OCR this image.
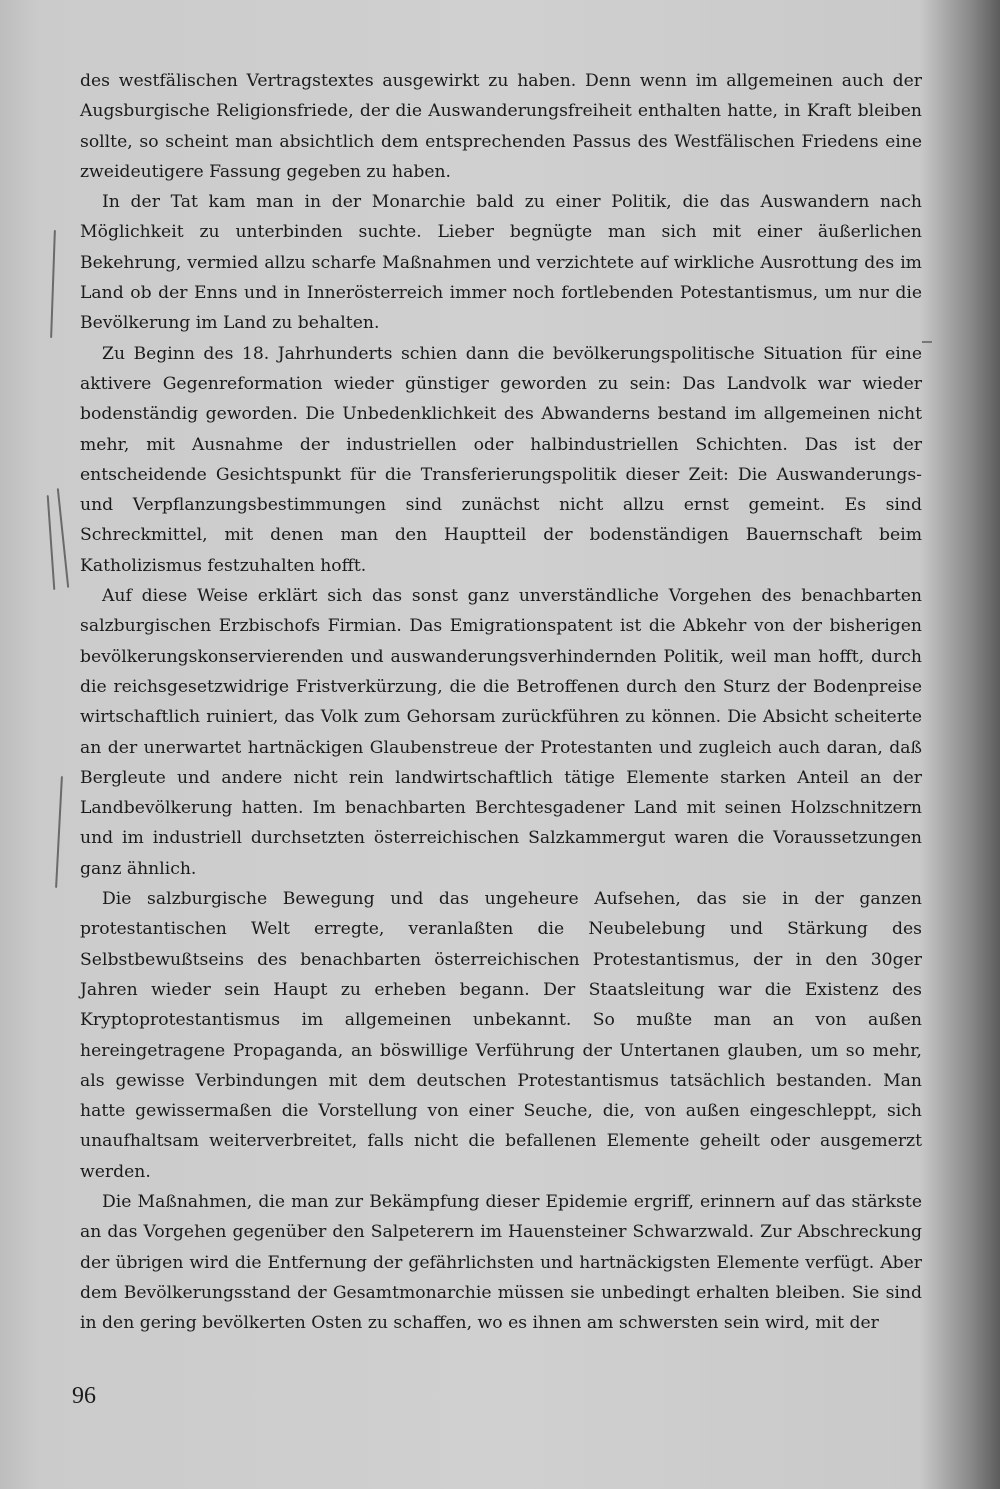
des westfälischen Vertragstextes ausgewirkt zu haben. Denn wenn im allgemeinen auch der Augsburgische Religionsfriede, der die Auswanderungsfreiheit enthalten hatte, in Kraft bleiben sollte, so scheint man absichtlich dem entsprechenden Passus des Westfälischen Friedens eine zweideutigere Fassung gegeben zu haben.

In der Tat kam man in der Monarchie bald zu einer Politik, die das Auswandern nach Möglichkeit zu unterbinden suchte. Lieber begnügte man sich mit einer äußerlichen Bekehrung, vermied allzu scharfe Maßnahmen und verzichtete auf wirkliche Ausrottung des im Land ob der Enns und in Innerösterreich immer noch fortlebenden Potestantismus, um nur die Bevölkerung im Land zu behalten.

Zu Beginn des 18. Jahrhunderts schien dann die bevölkerungspolitische Situation für eine aktivere Gegenreformation wieder günstiger geworden zu sein: Das Landvolk war wieder bodenständig geworden. Die Unbedenklichkeit des Abwanderns bestand im allgemeinen nicht mehr, mit Ausnahme der industriellen oder halbindustriellen Schichten. Das ist der entscheidende Gesichtspunkt für die Transferierungspolitik dieser Zeit: Die Auswanderungs- und Verpflanzungsbestimmungen sind zunächst nicht allzu ernst gemeint. Es sind Schreckmittel, mit denen man den Hauptteil der bodenständigen Bauernschaft beim Katholizismus festzuhalten hofft.

Auf diese Weise erklärt sich das sonst ganz unverständliche Vorgehen des benachbarten salzburgischen Erzbischofs Firmian. Das Emigrationspatent ist die Abkehr von der bisherigen bevölkerungskonservierenden und auswanderungsverhindernden Politik, weil man hofft, durch die reichsgesetzwidrige Fristverkürzung, die die Betroffenen durch den Sturz der Bodenpreise wirtschaftlich ruiniert, das Volk zum Gehorsam zurückführen zu können. Die Absicht scheiterte an der unerwartet hartnäckigen Glaubenstreue der Protestanten und zugleich auch daran, daß Bergleute und andere nicht rein landwirtschaftlich tätige Elemente starken Anteil an der Landbevölkerung hatten. Im benachbarten Berchtesgadener Land mit seinen Holzschnitzern und im industriell durchsetzten österreichischen Salzkammergut waren die Voraussetzungen ganz ähnlich.

Die salzburgische Bewegung und das ungeheure Aufsehen, das sie in der ganzen protestantischen Welt erregte, veranlaßten die Neubelebung und Stärkung des Selbstbewußtseins des benachbarten österreichischen Protestantismus, der in den 30ger Jahren wieder sein Haupt zu erheben begann. Der Staatsleitung war die Existenz des Kryptoprotestantismus im allgemeinen unbekannt. So mußte man an von außen hereingetragene Propaganda, an böswillige Verführung der Untertanen glauben, um so mehr, als gewisse Verbindungen mit dem deutschen Protestantismus tatsächlich bestanden. Man hatte gewissermaßen die Vorstellung von einer Seuche, die, von außen eingeschleppt, sich unaufhaltsam weiterverbreitet, falls nicht die befallenen Elemente geheilt oder ausgemerzt werden.

Die Maßnahmen, die man zur Bekämpfung dieser Epidemie ergriff, erinnern auf das stärkste an das Vorgehen gegenüber den Salpeterern im Hauensteiner Schwarzwald. Zur Abschreckung der übrigen wird die Entfernung der gefährlichsten und hartnäckigsten Elemente verfügt. Aber dem Bevölkerungsstand der Gesamtmonarchie müssen sie unbedingt erhalten bleiben. Sie sind in den gering bevölkerten Osten zu schaffen, wo es ihnen am schwersten sein wird, mit der

96
